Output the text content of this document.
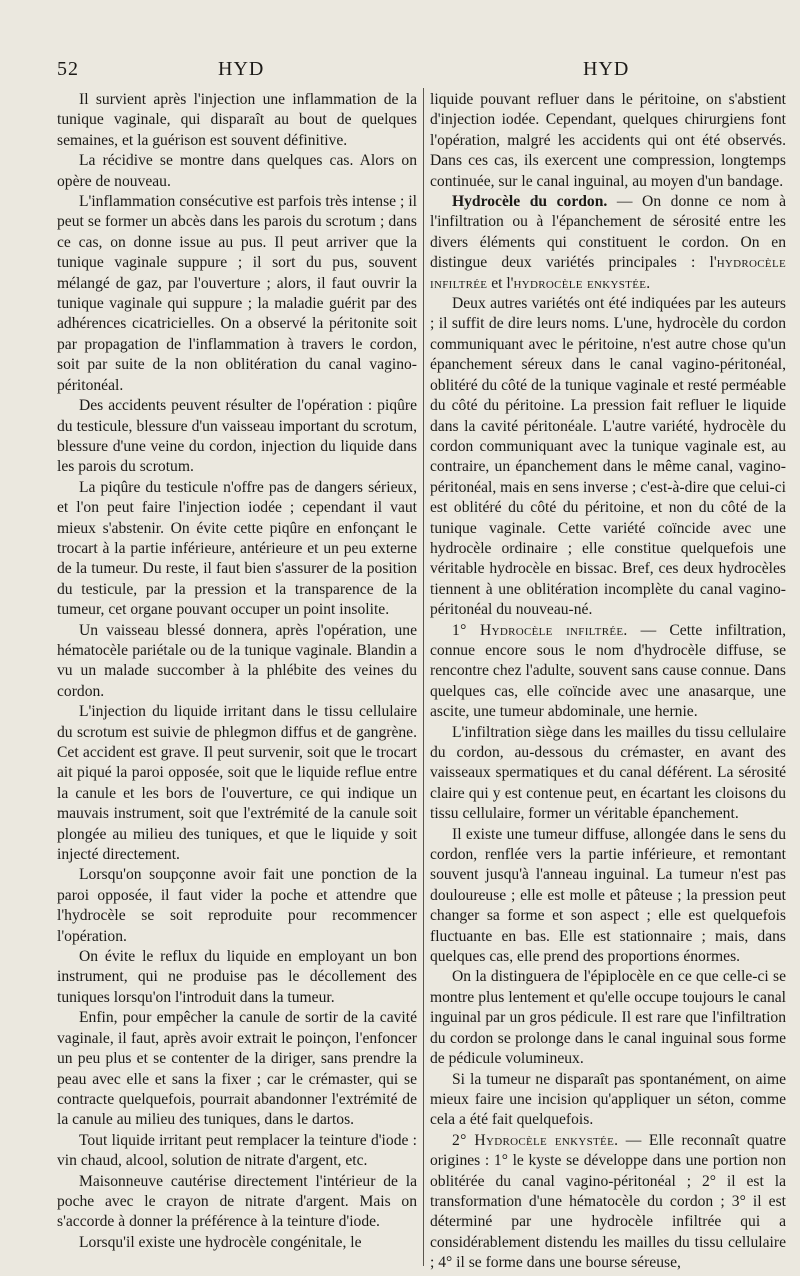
52	HYD	HYD

Il survient après l'injection une inflammation de la tunique vaginale, qui disparaît au bout de quelques semaines, et la guérison est souvent définitive.

La récidive se montre dans quelques cas. Alors on opère de nouveau.

L'inflammation consécutive est parfois très intense ; il peut se former un abcès dans les parois du scrotum ; dans ce cas, on donne issue au pus. Il peut arriver que la tunique vaginale suppure ; il sort du pus, souvent mélangé de gaz, par l'ouverture ; alors, il faut ouvrir la tunique vaginale qui suppure ; la maladie guérit par des adhérences cicatricielles. On a observé la péritonite soit par propagation de l'inflammation à travers le cordon, soit par suite de la non oblitération du canal vagino-péritonéal.

Des accidents peuvent résulter de l'opération : piqûre du testicule, blessure d'un vaisseau important du scrotum, blessure d'une veine du cordon, injection du liquide dans les parois du scrotum.

La piqûre du testicule n'offre pas de dangers sérieux, et l'on peut faire l'injection iodée ; cependant il vaut mieux s'abstenir. On évite cette piqûre en enfonçant le trocart à la partie inférieure, antérieure et un peu externe de la tumeur. Du reste, il faut bien s'assurer de la position du testicule, par la pression et la transparence de la tumeur, cet organe pouvant occuper un point insolite.

Un vaisseau blessé donnera, après l'opération, une hématocèle pariétale ou de la tunique vaginale. Blandin a vu un malade succomber à la phlébite des veines du cordon.

L'injection du liquide irritant dans le tissu cellulaire du scrotum est suivie de phlegmon diffus et de gangrène. Cet accident est grave. Il peut survenir, soit que le trocart ait piqué la paroi opposée, soit que le liquide reflue entre la canule et les bors de l'ouverture, ce qui indique un mauvais instrument, soit que l'extrémité de la canule soit plongée au milieu des tuniques, et que le liquide y soit injecté directement.

Lorsqu'on soupçonne avoir fait une ponction de la paroi opposée, il faut vider la poche et attendre que l'hydrocèle se soit reproduite pour recommencer l'opération.

On évite le reflux du liquide en employant un bon instrument, qui ne produise pas le décollement des tuniques lorsqu'on l'introduit dans la tumeur.

Enfin, pour empêcher la canule de sortir de la cavité vaginale, il faut, après avoir extrait le poinçon, l'enfoncer un peu plus et se contenter de la diriger, sans prendre la peau avec elle et sans la fixer ; car le crémaster, qui se contracte quelquefois, pourrait abandonner l'extrémité de la canule au milieu des tuniques, dans le dartos.

Tout liquide irritant peut remplacer la teinture d'iode : vin chaud, alcool, solution de nitrate d'argent, etc.

Maisonneuve cautérise directement l'intérieur de la poche avec le crayon de nitrate d'argent. Mais on s'accorde à donner la préférence à la teinture d'iode.

Lorsqu'il existe une hydrocèle congénitale, le

liquide pouvant refluer dans le péritoine, on s'abstient d'injection iodée. Cependant, quelques chirurgiens font l'opération, malgré les accidents qui ont été observés. Dans ces cas, ils exercent une compression, longtemps continuée, sur le canal inguinal, au moyen d'un bandage.

Hydrocèle du cordon. — On donne ce nom à l'infiltration ou à l'épanchement de sérosité entre les divers éléments qui constituent le cordon. On en distingue deux variétés principales : l'hydrocèle infiltrée et l'hydrocèle enkystée.

Deux autres variétés ont été indiquées par les auteurs ; il suffit de dire leurs noms. L'une, hydrocèle du cordon communiquant avec le péritoine, n'est autre chose qu'un épanchement séreux dans le canal vagino-péritonéal, oblitéré du côté de la tunique vaginale et resté perméable du côté du péritoine. La pression fait refluer le liquide dans la cavité péritonéale. L'autre variété, hydrocèle du cordon communiquant avec la tunique vaginale est, au contraire, un épanchement dans le même canal, vagino-péritonéal, mais en sens inverse ; c'est-à-dire que celui-ci est oblitéré du côté du péritoine, et non du côté de la tunique vaginale. Cette variété coïncide avec une hydrocèle ordinaire ; elle constitue quelquefois une véritable hydrocèle en bissac. Bref, ces deux hydrocèles tiennent à une oblitération incomplète du canal vagino-péritonéal du nouveau-né.

1° Hydrocèle infiltrée. — Cette infiltration, connue encore sous le nom d'hydrocèle diffuse, se rencontre chez l'adulte, souvent sans cause connue. Dans quelques cas, elle coïncide avec une anasarque, une ascite, une tumeur abdominale, une hernie.

L'infiltration siège dans les mailles du tissu cellulaire du cordon, au-dessous du crémaster, en avant des vaisseaux spermatiques et du canal déférent. La sérosité claire qui y est contenue peut, en écartant les cloisons du tissu cellulaire, former un véritable épanchement.

Il existe une tumeur diffuse, allongée dans le sens du cordon, renflée vers la partie inférieure, et remontant souvent jusqu'à l'anneau inguinal. La tumeur n'est pas douloureuse ; elle est molle et pâteuse ; la pression peut changer sa forme et son aspect ; elle est quelquefois fluctuante en bas. Elle est stationnaire ; mais, dans quelques cas, elle prend des proportions énormes.

On la distinguera de l'épiplocèle en ce que celle-ci se montre plus lentement et qu'elle occupe toujours le canal inguinal par un gros pédicule. Il est rare que l'infiltration du cordon se prolonge dans le canal inguinal sous forme de pédicule volumineux.

Si la tumeur ne disparaît pas spontanément, on aime mieux faire une incision qu'appliquer un séton, comme cela a été fait quelquefois.

2° Hydrocèle enkystée. — Elle reconnaît quatre origines : 1° le kyste se développe dans une portion non oblitérée du canal vagino-péritonéal ; 2° il est la transformation d'une hématocèle du cordon ; 3° il est déterminé par une hydrocèle infiltrée qui a considérablement distendu les mailles du tissu cellulaire ; 4° il se forme dans une bourse séreuse,
